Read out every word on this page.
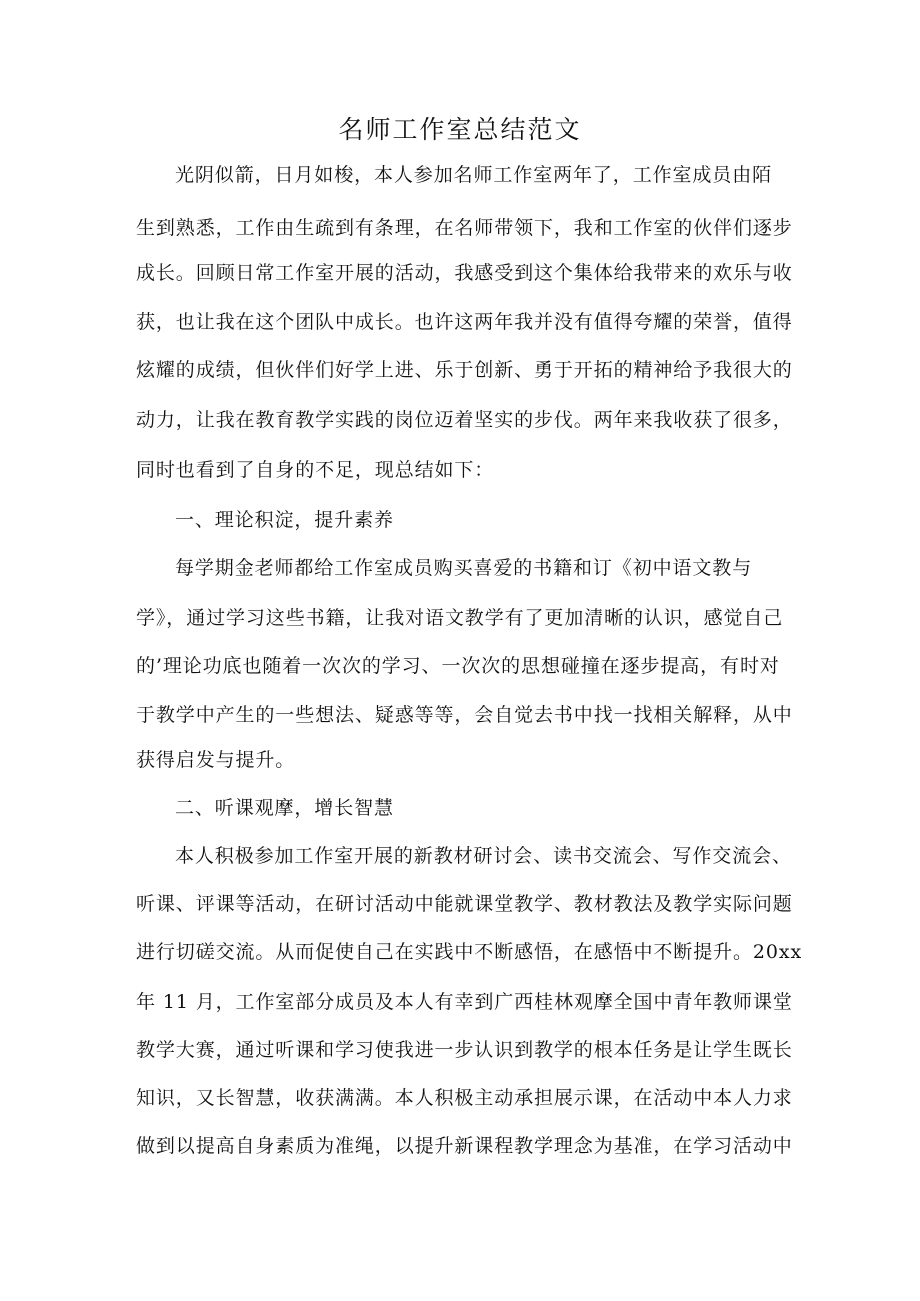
名师工作室总结范文
光阴似箭，日月如梭，本人参加名师工作室两年了，工作室成员由陌
生到熟悉，工作由生疏到有条理，在名师带领下，我和工作室的伙伴们逐步
成长。回顾日常工作室开展的活动，我感受到这个集体给我带来的欢乐与收
获，也让我在这个团队中成长。也许这两年我并没有值得夸耀的荣誉，值得
炫耀的成绩，但伙伴们好学上进、乐于创新、勇于开拓的精神给予我很大的
动力，让我在教育教学实践的岗位迈着坚实的步伐。两年来我收获了很多，
同时也看到了自身的不足，现总结如下：
一、理论积淀，提升素养
每学期金老师都给工作室成员购买喜爱的书籍和订《初中语文教与
学》，通过学习这些书籍，让我对语文教学有了更加清晰的认识，感觉自己
的’理论功底也随着一次次的学习、一次次的思想碰撞在逐步提高，有时对
于教学中产生的一些想法、疑惑等等，会自觉去书中找一找相关解释，从中
获得启发与提升。
二、听课观摩，增长智慧
本人积极参加工作室开展的新教材研讨会、读书交流会、写作交流会、
听课、评课等活动，在研讨活动中能就课堂教学、教材教法及教学实际问题
进行切磋交流。从而促使自己在实践中不断感悟，在感悟中不断提升。20xx
年 11 月，工作室部分成员及本人有幸到广西桂林观摩全国中青年教师课堂
教学大赛，通过听课和学习使我进一步认识到教学的根本任务是让学生既长
知识，又长智慧，收获满满。本人积极主动承担展示课，在活动中本人力求
做到以提高自身素质为准绳，以提升新课程教学理念为基准，在学习活动中
